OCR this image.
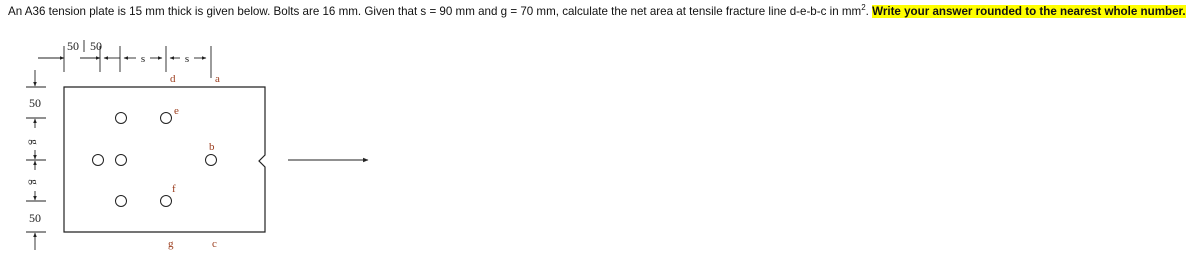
An A36 tension plate is 15 mm thick is given below. Bolts are 16 mm. Given that s = 90 mm and g = 70 mm, calculate the net area at tensile fracture line d-e-b-c in $mm^2$. Write your answer rounded to the nearest whole number.
50 50
s	s
d	a
e
b
f
g	c
50
g
g
50
